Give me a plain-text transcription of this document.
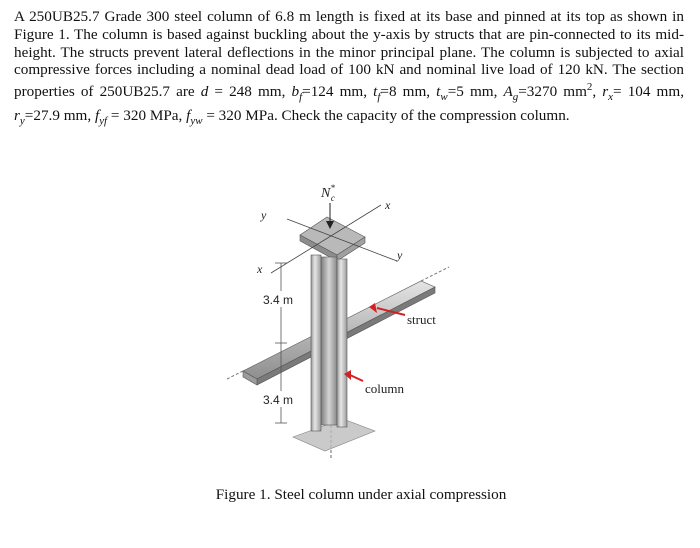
A 250UB25.7 Grade 300 steel column of 6.8 m length is fixed at its base and pinned at its top as shown in Figure 1. The column is based against buckling about the y-axis by structs that are pin-connected to its mid-height. The structs prevent lateral deflections in the minor principal plane. The column is subjected to axial compressive forces including a nominal dead load of 100 kN and nominal live load of 120 kN. The section properties of 250UB25.7 are d = 248 mm, $b_f=124$ mm, $t_f=8$ mm, $t_w=5$ mm, $A_g=3270$ $mm^2$, $r_x= 104$ mm, $r_y=27.9$ mm, $f_{yf} = 320$ MPa, $f_{yw} = 320$ MPa. Check the capacity of the compression column.

x
x
y
y
N* c
3.4 m
3.4 m
struct
column
Figure 1. Steel column under axial compression
